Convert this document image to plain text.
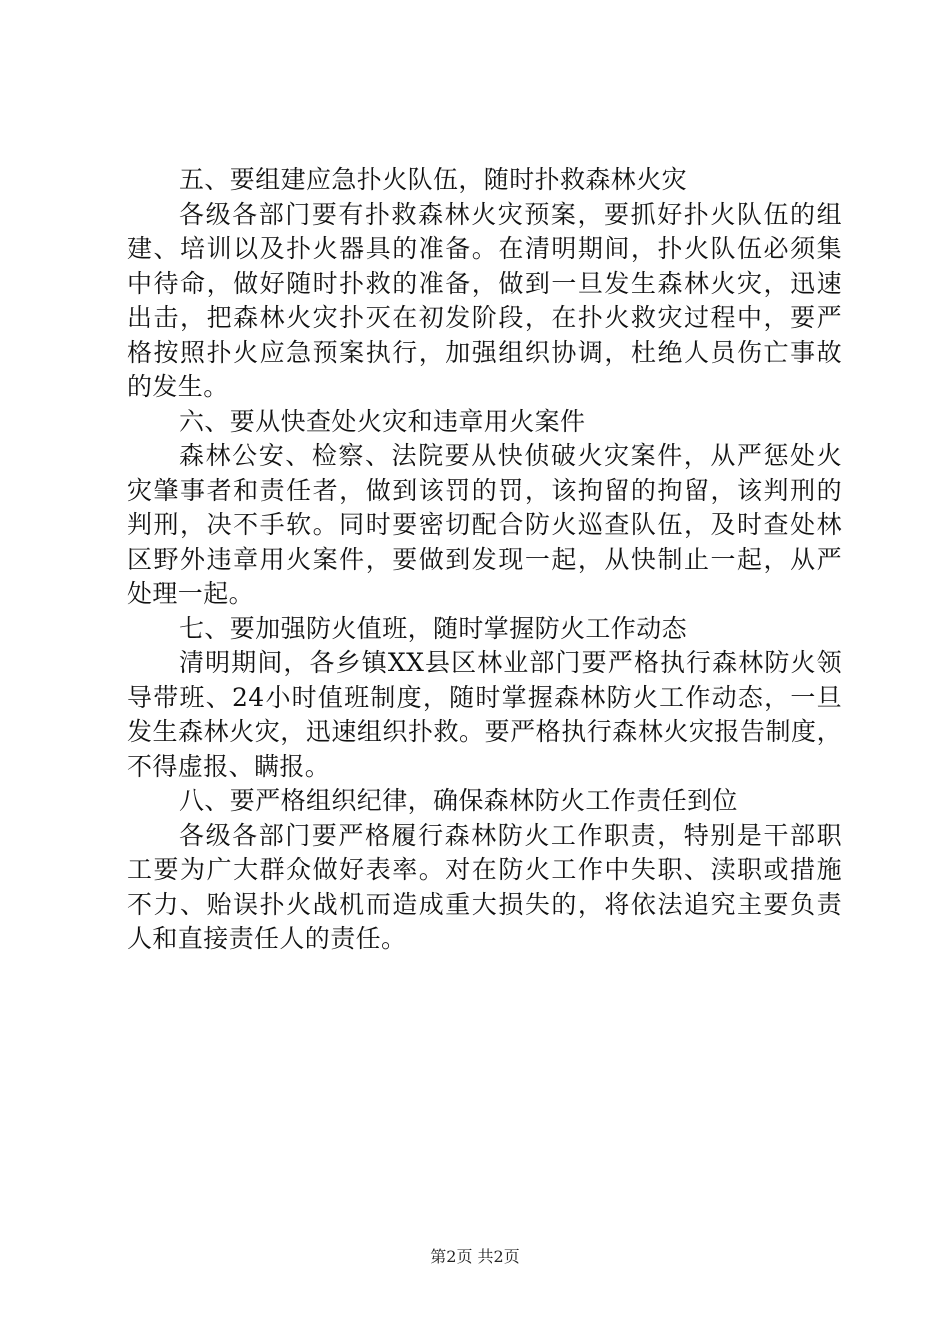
五、要组建应急扑火队伍，随时扑救森林火灾
各级各部门要有扑救森林火灾预案，要抓好扑火队伍的组
建、培训以及扑火器具的准备。在清明期间，扑火队伍必须集
中待命，做好随时扑救的准备，做到一旦发生森林火灾，迅速
出击，把森林火灾扑灭在初发阶段，在扑火救灾过程中，要严
格按照扑火应急预案执行，加强组织协调，杜绝人员伤亡事故
的发生。
六、要从快查处火灾和违章用火案件
森林公安、检察、法院要从快侦破火灾案件，从严惩处火
灾肇事者和责任者，做到该罚的罚，该拘留的拘留，该判刑的
判刑，决不手软。同时要密切配合防火巡查队伍，及时查处林
区野外违章用火案件，要做到发现一起，从快制止一起，从严
处理一起。
七、要加强防火值班，随时掌握防火工作动态
清明期间，各乡镇XX县区林业部门要严格执行森林防火领
导带班、24小时值班制度，随时掌握森林防火工作动态，一旦
发生森林火灾，迅速组织扑救。要严格执行森林火灾报告制度，
不得虚报、瞒报。
八、要严格组织纪律，确保森林防火工作责任到位
各级各部门要严格履行森林防火工作职责，特别是干部职
工要为广大群众做好表率。对在防火工作中失职、渎职或措施
不力、贻误扑火战机而造成重大损失的，将依法追究主要负责
人和直接责任人的责任。
第2页 共2页
